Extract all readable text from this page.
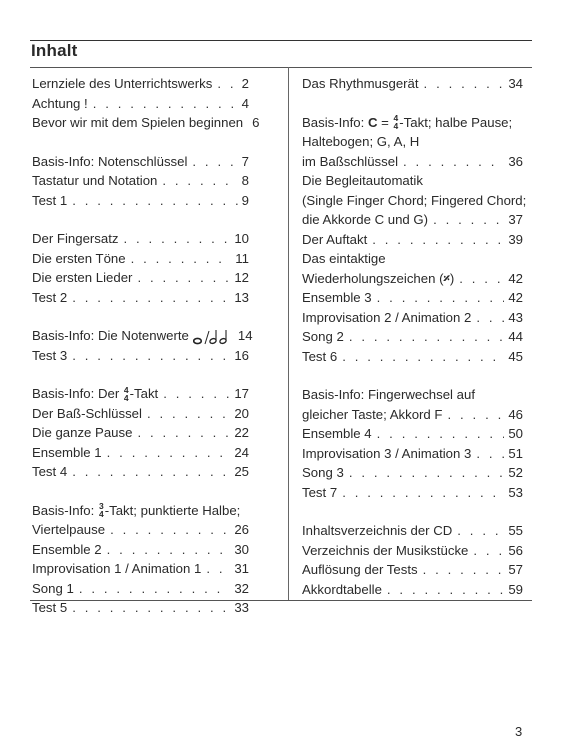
Inhalt
Lernziele des Unterrichtswerks . . . 2
Achtung ! . . .	4
Bevor wir mit dem Spielen beginnen 6
Basis-Info: Notenschlüssel . . .	7
Tastatur und Notation . . .	8
Test 1 . . .	9
Der Fingersatz . . .	10
Die ersten Töne . . .	11
Die ersten Lieder . . .	12
Test 2 . . .	13
Basis-Info: Die Notenwerte	14
Test 3 . . .	16
Basis-Info: Der 4
4 -Takt . . .	17
Der Baß-Schlüssel . . .	20
Die ganze Pause . . .	22
Ensemble 1 . . .	24
Test 4 . . .	25
Basis-Info: 3
4 -Takt; punktierte Halbe;
Viertelpause . . .	26
Ensemble 2 . . .	30
Improvisation 1 / Animation 1 . . .	31
Song 1 . . .	32
Test 5 . . .	33
Das Rhythmusgerät . . .	34
Basis-Info: C = 4
4 -Takt; halbe Pause;
Haltebogen; G, A, H
im Baßschlüssel . . .	36
Die Begleitautomatik
(Single Finger Chord; Fingered Chord;
die Akkorde C und G) . . .	37
Der Auftakt . . .	39
Das eintaktige
Wiederholungszeichen (𝄎) . . .	42
Ensemble 3 . . .	42
Improvisation 2 / Animation 2 . . .	43
Song 2 . . .	44
Test 6 . . .	45
Basis-Info: Fingerwechsel auf
gleicher Taste; Akkord F . . .	46
Ensemble 4 . . .	50
Improvisation 3 / Animation 3 . . .	51
Song 3 . . .	52
Test 7 . . .	53
Inhaltsverzeichnis der CD . . .	55
Verzeichnis der Musikstücke . . .	56
Auflösung der Tests . . .	57
Akkordtabelle . . .	59
3
